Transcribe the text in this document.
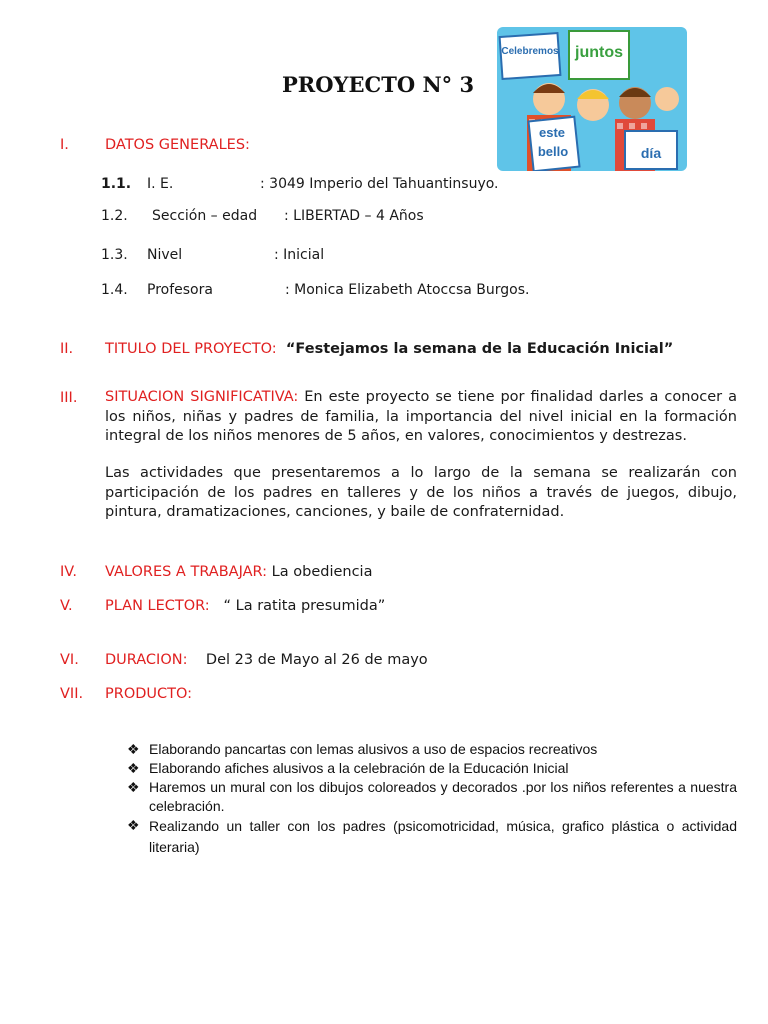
PROYECTO N° 3
Celebremos juntos
este
bello	día
I. DATOS GENERALES:
1.1. I. E.	: 3049 Imperio del Tahuantinsuyo.
1.2. Sección – edad : LIBERTAD – 4 Años
1.3. Nivel	: Inicial
1.4. Profesora	: Monica Elizabeth Atoccsa Burgos.
II. TITULO DEL PROYECTO: “Festejamos la semana de la Educación Inicial”
III. SITUACION SIGNIFICATIVA: En este proyecto se tiene por finalidad darles a conocer a los niños, niñas y padres de familia, la importancia del nivel inicial en la formación integral de los niños menores de 5 años, en valores, conocimientos y destrezas.
Las actividades que presentaremos a lo largo de la semana se realizarán con participación de los padres en talleres y de los niños a través de juegos, dibujo, pintura, dramatizaciones, canciones, y baile de confraternidad.
IV. VALORES A TRABAJAR: La obediencia
V. PLAN LECTOR: “ La ratita presumida”
VI. DURACION: Del 23 de Mayo al 26 de mayo
VII. PRODUCTO:
❖ Elaborando pancartas con lemas alusivos a uso de espacios recreativos
❖ Elaborando afiches alusivos a la celebración de la Educación Inicial
❖ Haremos un mural con los dibujos coloreados y decorados .por los niños referentes a nuestra celebración.
❖ Realizando un taller con los padres (psicomotricidad, música, grafico plástica o actividad literaria)
